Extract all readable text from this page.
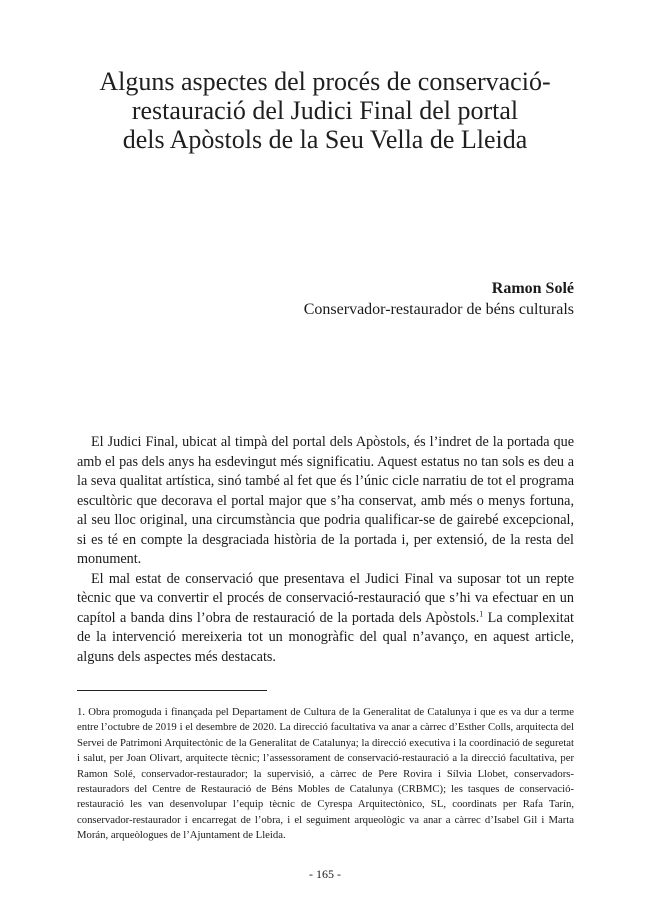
Alguns aspectes del procés de conservació-
restauració del Judici Final del portal
dels Apòstols de la Seu Vella de Lleida
Ramon Solé
Conservador-restaurador de béns culturals

El Judici Final, ubicat al timpà del portal dels Apòstols, és l’indret de la portada que amb el pas dels anys ha esdevingut més significatiu. Aquest estatus no tan sols es deu a la seva qualitat artística, sinó també al fet que és l’únic cicle narratiu de tot el programa escultòric que decorava el portal major que s’ha conservat, amb més o menys fortuna, al seu lloc original, una circumstància que podria qualificar-se de gairebé excepcional, si es té en compte la desgraciada història de la portada i, per extensió, de la resta del monument.

El mal estat de conservació que presentava el Judici Final va suposar tot un repte tècnic que va convertir el procés de conservació-restauració que s’hi va efectuar en un capítol a banda dins l’obra de restauració de la portada dels Apòstols.$^1$ La complexitat de la intervenció mereixeria tot un monogràfic del qual n’avanço, en aquest article, alguns dels aspectes més destacats.

1. Obra promoguda i finançada pel Departament de Cultura de la Generalitat de Catalunya i que es va dur a terme entre l’octubre de 2019 i el desembre de 2020. La direcció facultativa va anar a càrrec d’Esther Colls, arquitecta del Servei de Patrimoni Arquitectònic de la Generalitat de Catalunya; la direcció executiva i la coordinació de seguretat i salut, per Joan Olivart, arquitecte tècnic; l’assessorament de conservació-restauració a la direcció facultativa, per Ramon Solé, conservador-restaurador; la supervisió, a càrrec de Pere Rovira i Sílvia Llobet, conservadors-restauradors del Centre de Restauració de Béns Mobles de Catalunya (CRBMC); les tasques de conservació-restauració les van desenvolupar l’equip tècnic de Cyrespa Arquitectònico, SL, coordinats per Rafa Tarín, conservador-restaurador i encarregat de l’obra, i el seguiment arqueològic va anar a càrrec d’Isabel Gil i Marta Morán, arqueòlogues de l’Ajuntament de Lleida.

- 165 -
